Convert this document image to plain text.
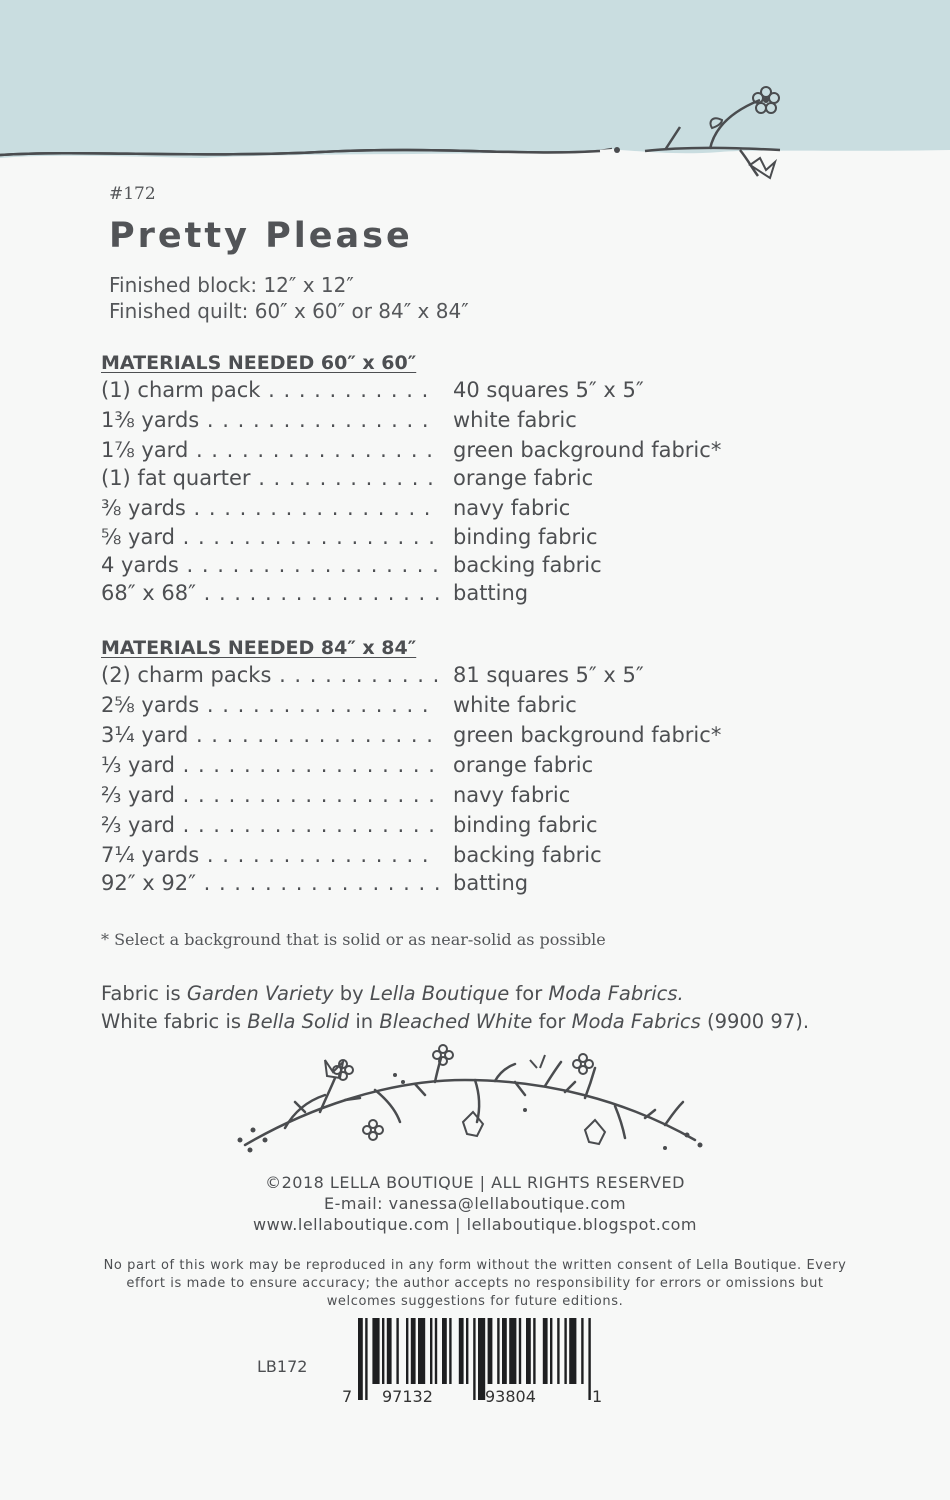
#172
Pretty Please
Finished block: 12″ x 12″
Finished quilt: 60″ x 60″ or 84″ x 84″
MATERIALS NEEDED 60″ x 60″
(1) charm pack . . .	40 squares 5″ x 5″
1⅜ yards . . .	white fabric
1⅞ yard . . .	green background fabric*
(1) fat quarter . . .	orange fabric
⅜ yards . . .	navy fabric
⅝ yard . . .	binding fabric
4 yards . . .	backing fabric
68″ x 68″ . . .	batting
MATERIALS NEEDED 84″ x 84″
(2) charm packs . . .	81 squares 5″ x 5″
2⅝ yards . . .	white fabric
3¼ yard . . .	green background fabric*
⅓ yard . . .	orange fabric
⅔ yard . . .	navy fabric
⅔ yard . . .	binding fabric
7¼ yards . . .	backing fabric
92″ x 92″ . . .	batting
* Select a background that is solid or as near-solid as possible
Fabric is Garden Variety by Lella Boutique for Moda Fabrics.
White fabric is Bella Solid in Bleached White for Moda Fabrics (9900 97).
©2018 LELLA BOUTIQUE | ALL RIGHTS RESERVED
E-mail: vanessa@lellaboutique.com
www.lellaboutique.com | lellaboutique.blogspot.com
No part of this work may be reproduced in any form without the written consent of Lella Boutique. Every effort is made to ensure accuracy; the author accepts no responsibility for errors or omissions but welcomes suggestions for future editions.
LB172
7 97132	93804	1
